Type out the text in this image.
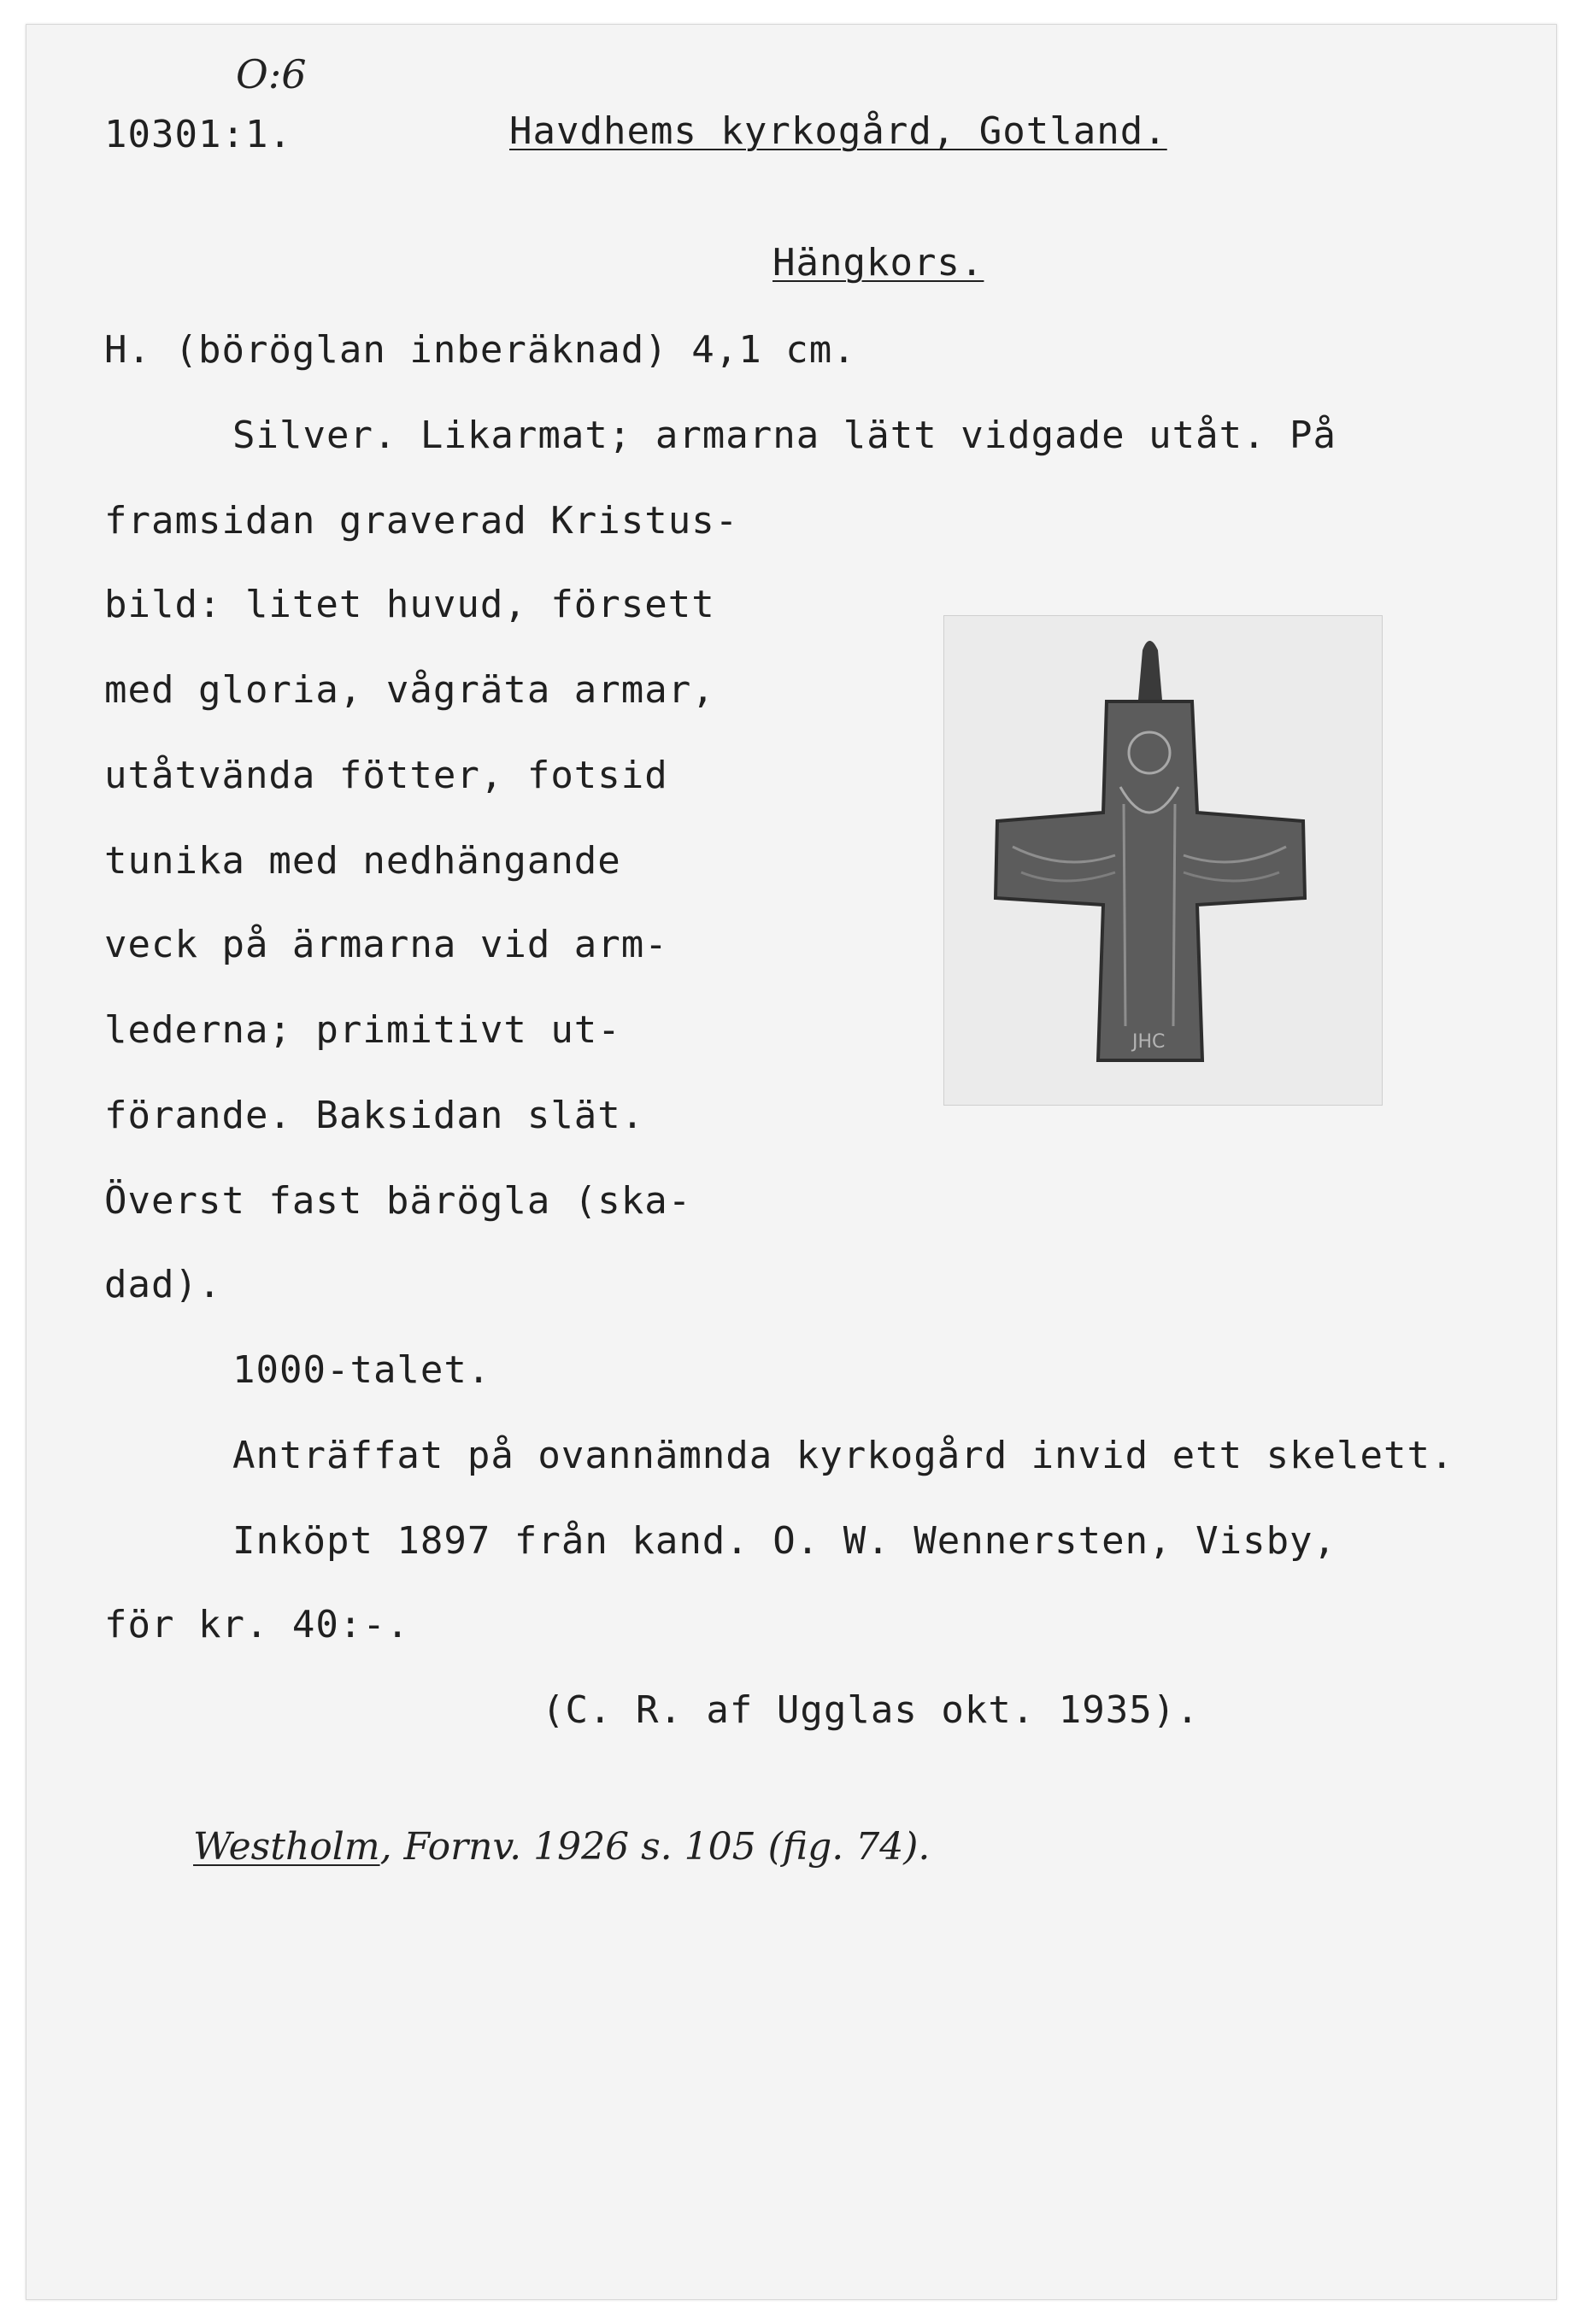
O:6
10301:1.	Havdhems kyrkogård, Gotland.
Hängkors.
H. (böröglan inberäknad) 4,1 cm.
Silver. Likarmat; armarna lätt vidgade utåt. På
framsidan graverad Kristus-
bild: litet huvud, försett
med gloria, vågräta armar,
utåtvända fötter, fotsid
tunika med nedhängande
veck på ärmarna vid arm-
lederna; primitivt ut-
förande. Baksidan slät.
Överst fast bärögla (ska-
dad).
1000-talet.
Anträffat på ovannämnda kyrkogård invid ett skelett.
Inköpt 1897 från kand. O. W. Wennersten, Visby,
för kr. 40:-.
(C. R. af Ugglas okt. 1935).
Westholm, Fornv. 1926 s. 105 (fig. 74).
JHC
